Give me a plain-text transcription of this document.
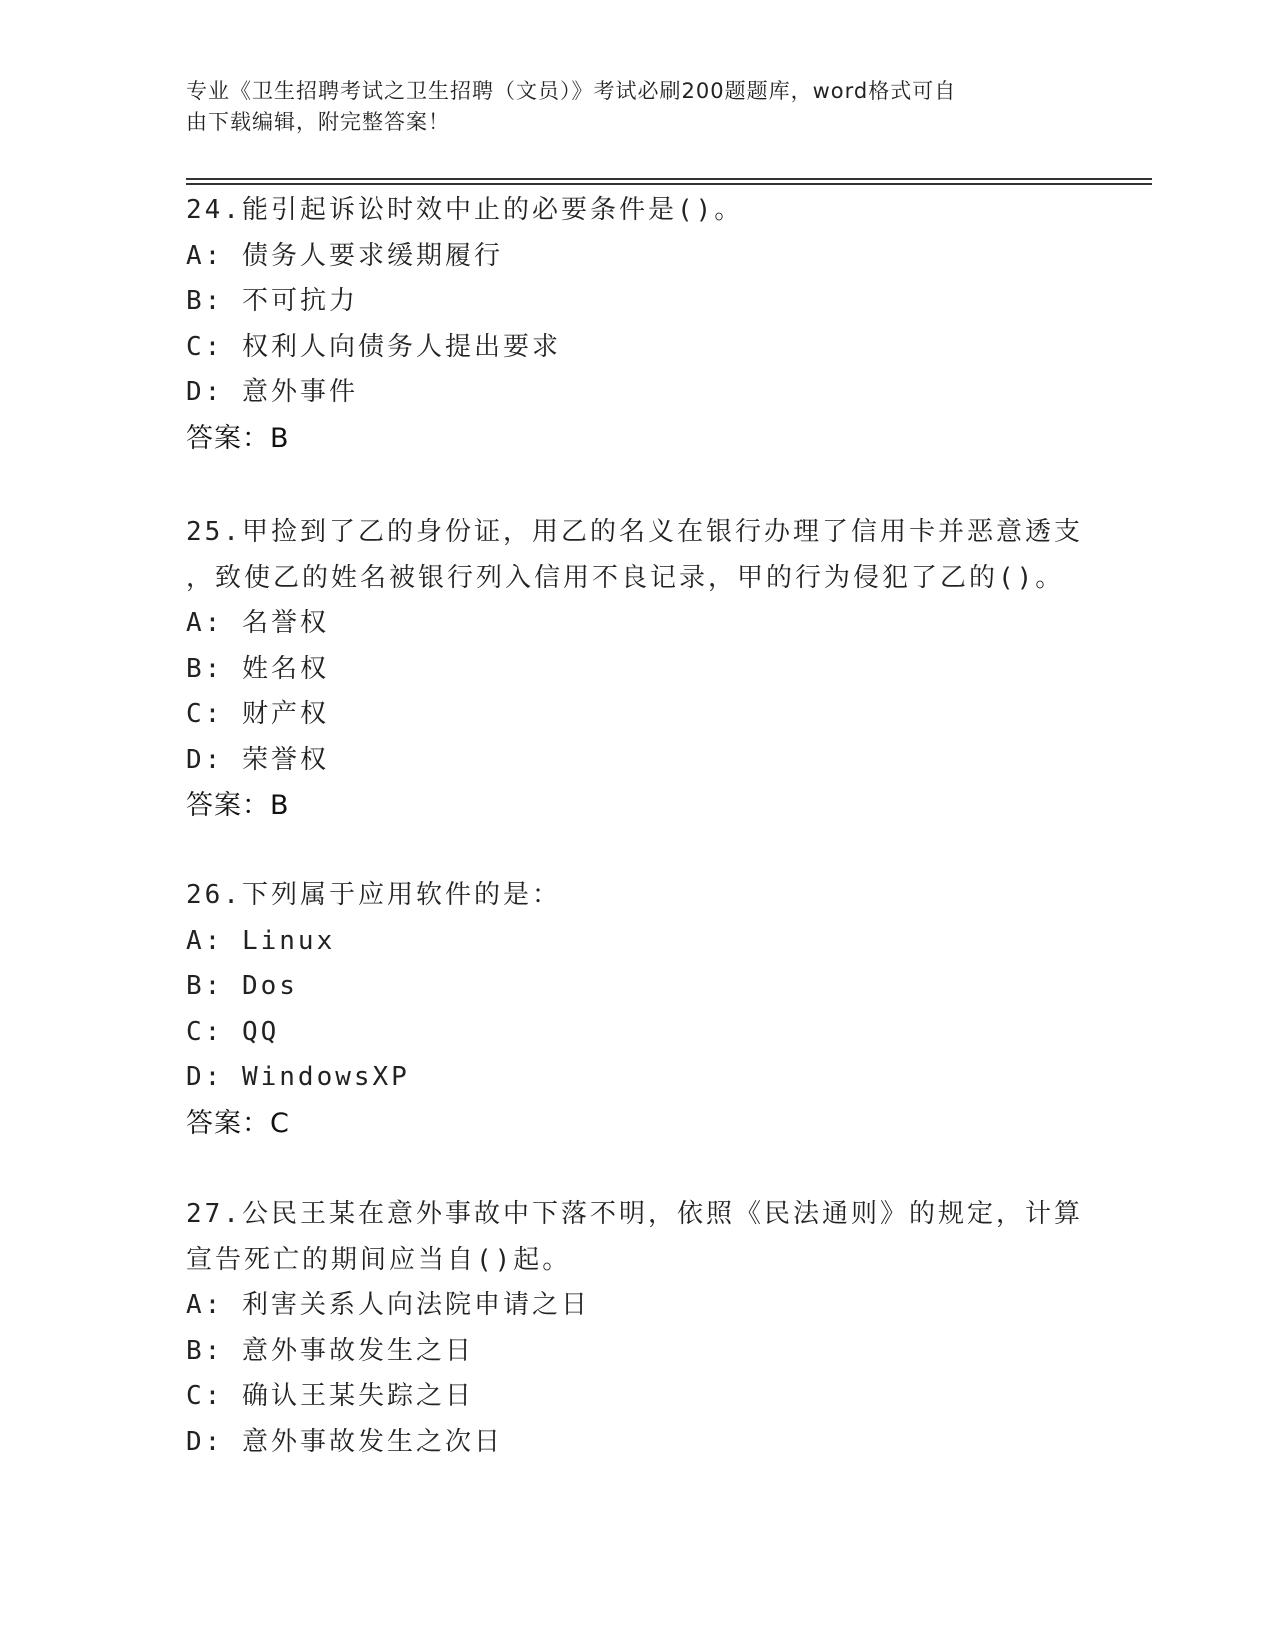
专业《卫生招聘考试之卫生招聘（文员）》考试必刷200题题库，word格式可自
由下载编辑，附完整答案！
24.能引起诉讼时效中止的必要条件是()。
A: 债务人要求缓期履行
B: 不可抗力
C: 权利人向债务人提出要求
D: 意外事件
答案：B
25.甲捡到了乙的身份证，用乙的名义在银行办理了信用卡并恶意透支
，致使乙的姓名被银行列入信用不良记录，甲的行为侵犯了乙的()。
A: 名誉权
B: 姓名权
C: 财产权
D: 荣誉权
答案：B
26.下列属于应用软件的是：
A: Linux
B: Dos
C: QQ
D: WindowsXP
答案：C
27.公民王某在意外事故中下落不明，依照《民法通则》的规定，计算
宣告死亡的期间应当自()起。
A: 利害关系人向法院申请之日
B: 意外事故发生之日
C: 确认王某失踪之日
D: 意外事故发生之次日
